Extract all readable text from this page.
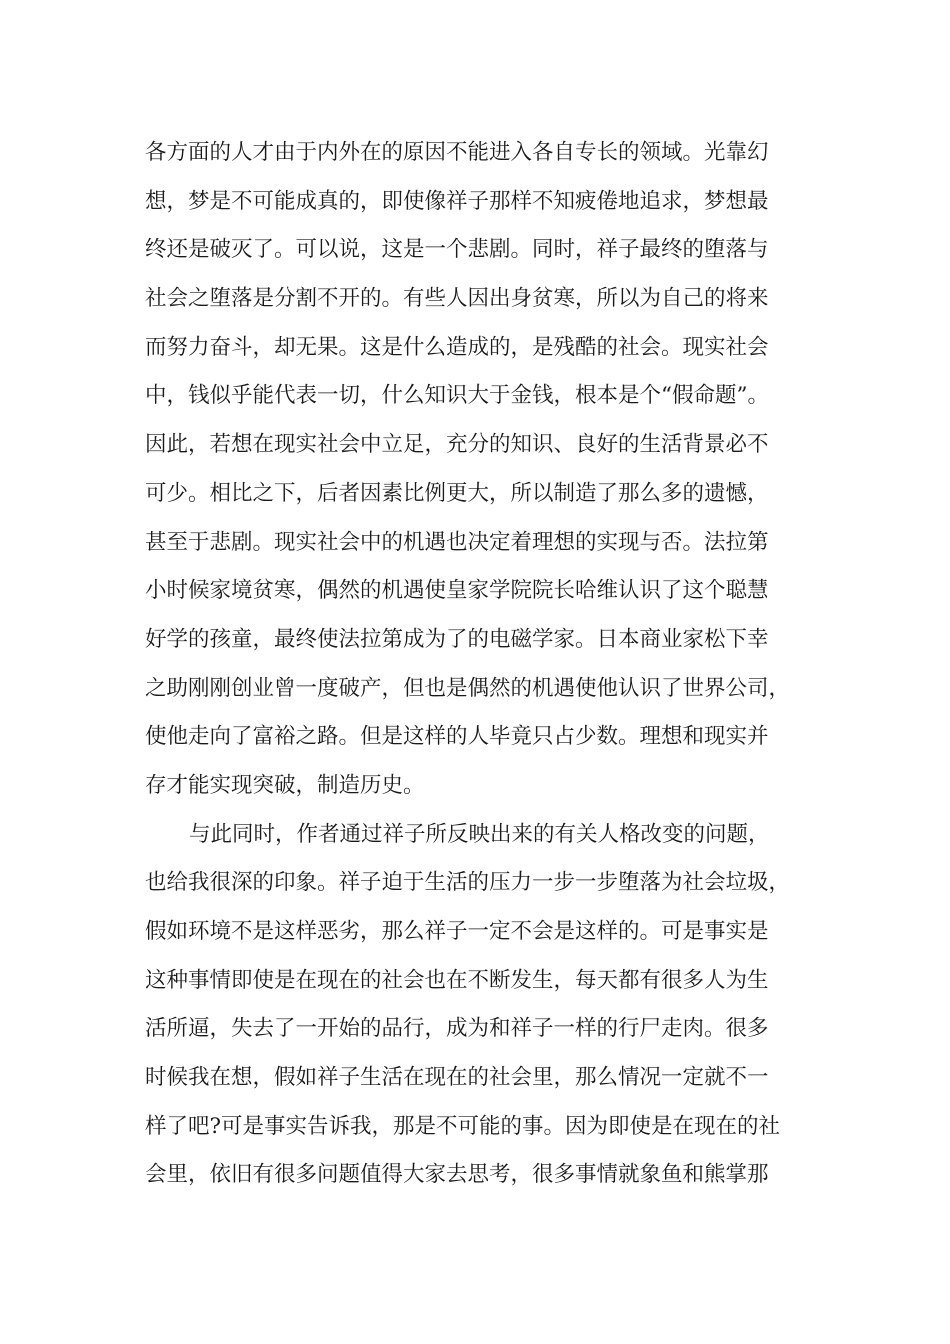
各方面的人才由于内外在的原因不能进入各自专长的领域。光靠幻
想，梦是不可能成真的，即使像祥子那样不知疲倦地追求，梦想最
终还是破灭了。可以说，这是一个悲剧。同时，祥子最终的堕落与
社会之堕落是分割不开的。有些人因出身贫寒，所以为自己的将来
而努力奋斗，却无果。这是什么造成的，是残酷的社会。现实社会
中，钱似乎能代表一切，什么知识大于金钱，根本是个“假命题”。
因此，若想在现实社会中立足，充分的知识、良好的生活背景必不
可少。相比之下，后者因素比例更大，所以制造了那么多的遗憾，
甚至于悲剧。现实社会中的机遇也决定着理想的实现与否。法拉第
小时候家境贫寒，偶然的机遇使皇家学院院长哈维认识了这个聪慧
好学的孩童，最终使法拉第成为了的电磁学家。日本商业家松下幸
之助刚刚创业曾一度破产，但也是偶然的机遇使他认识了世界公司，
使他走向了富裕之路。但是这样的人毕竟只占少数。理想和现实并
存才能实现突破，制造历史。
与此同时，作者通过祥子所反映出来的有关人格改变的问题，
也给我很深的印象。祥子迫于生活的压力一步一步堕落为社会垃圾，
假如环境不是这样恶劣，那么祥子一定不会是这样的。可是事实是
这种事情即使是在现在的社会也在不断发生，每天都有很多人为生
活所逼，失去了一开始的品行，成为和祥子一样的行尸走肉。很多
时候我在想，假如祥子生活在现在的社会里，那么情况一定就不一
样了吧?可是事实告诉我，那是不可能的事。因为即使是在现在的社
会里，依旧有很多问题值得大家去思考，很多事情就象鱼和熊掌那
